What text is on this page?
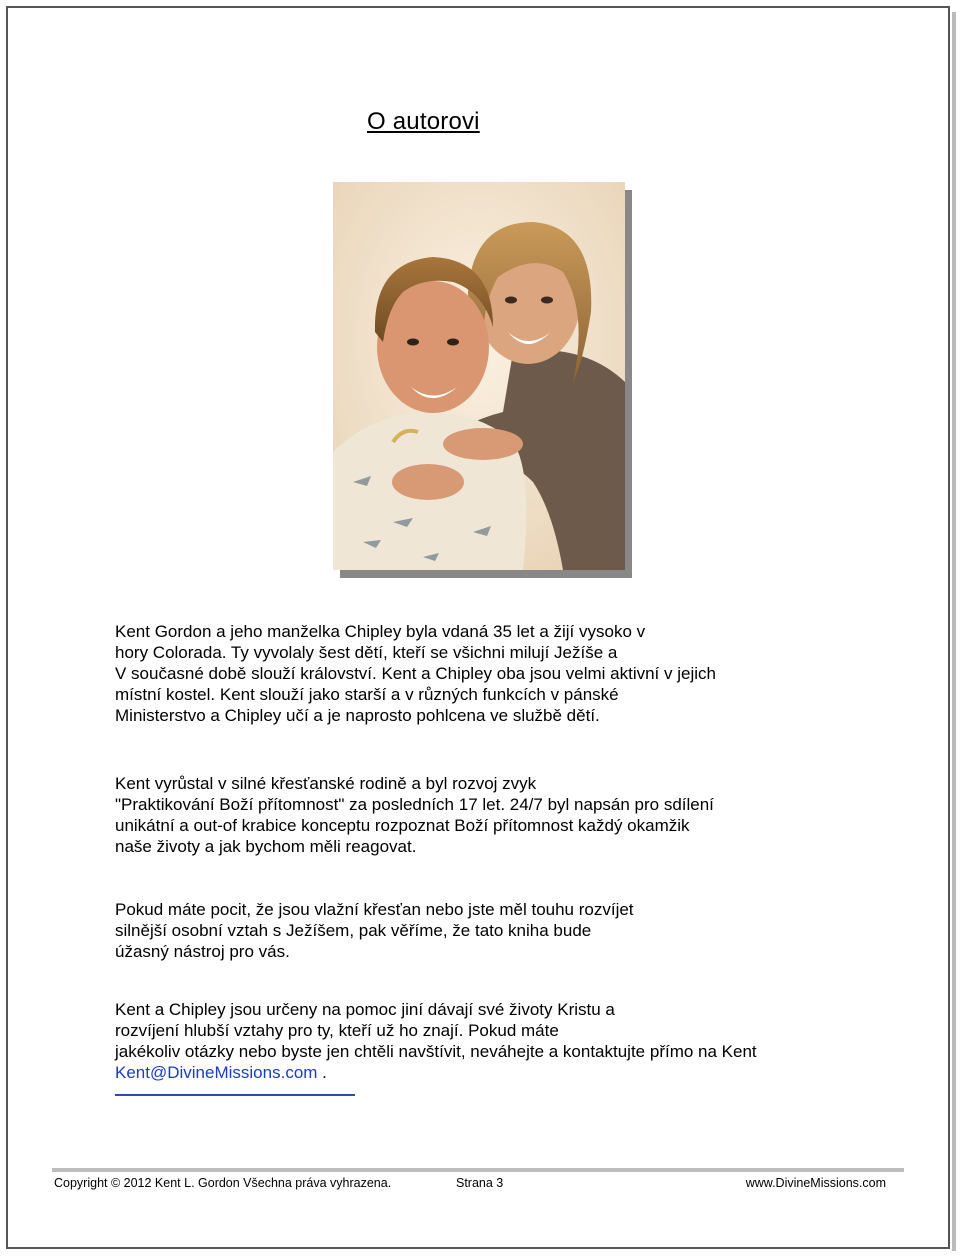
O autorovi
Kent Gordon a jeho manželka Chipley byla vdaná 35 let a žijí vysoko v
hory Colorada. Ty vyvolaly šest dětí, kteří se všichni milují Ježíše a
V současné době slouží království. Kent a Chipley oba jsou velmi aktivní v jejich
místní kostel. Kent slouží jako starší a v různých funkcích v pánské
Ministerstvo a Chipley učí a je naprosto pohlcena ve službě dětí.
Kent vyrůstal v silné křesťanské rodině a byl rozvoj zvyk
"Praktikování Boží přítomnost" za posledních 17 let. 24/7 byl napsán pro sdílení
unikátní a out-of krabice konceptu rozpoznat Boží přítomnost každý okamžik
naše životy a jak bychom měli reagovat.
Pokud máte pocit, že jsou vlažní křesťan nebo jste měl touhu rozvíjet
silnější osobní vztah s Ježíšem, pak věříme, že tato kniha bude
úžasný nástroj pro vás.
Kent a Chipley jsou určeny na pomoc jiní dávají své životy Kristu a
rozvíjení hlubší vztahy pro ty, kteří už ho znají. Pokud máte
jakékoliv otázky nebo byste jen chtěli navštívit, neváhejte a kontaktujte přímo na Kent
Kent@DivineMissions.com .
Copyright © 2012 Kent L. Gordon Všechna práva vyhrazena.	Strana 3	www.DivineMissions.com
